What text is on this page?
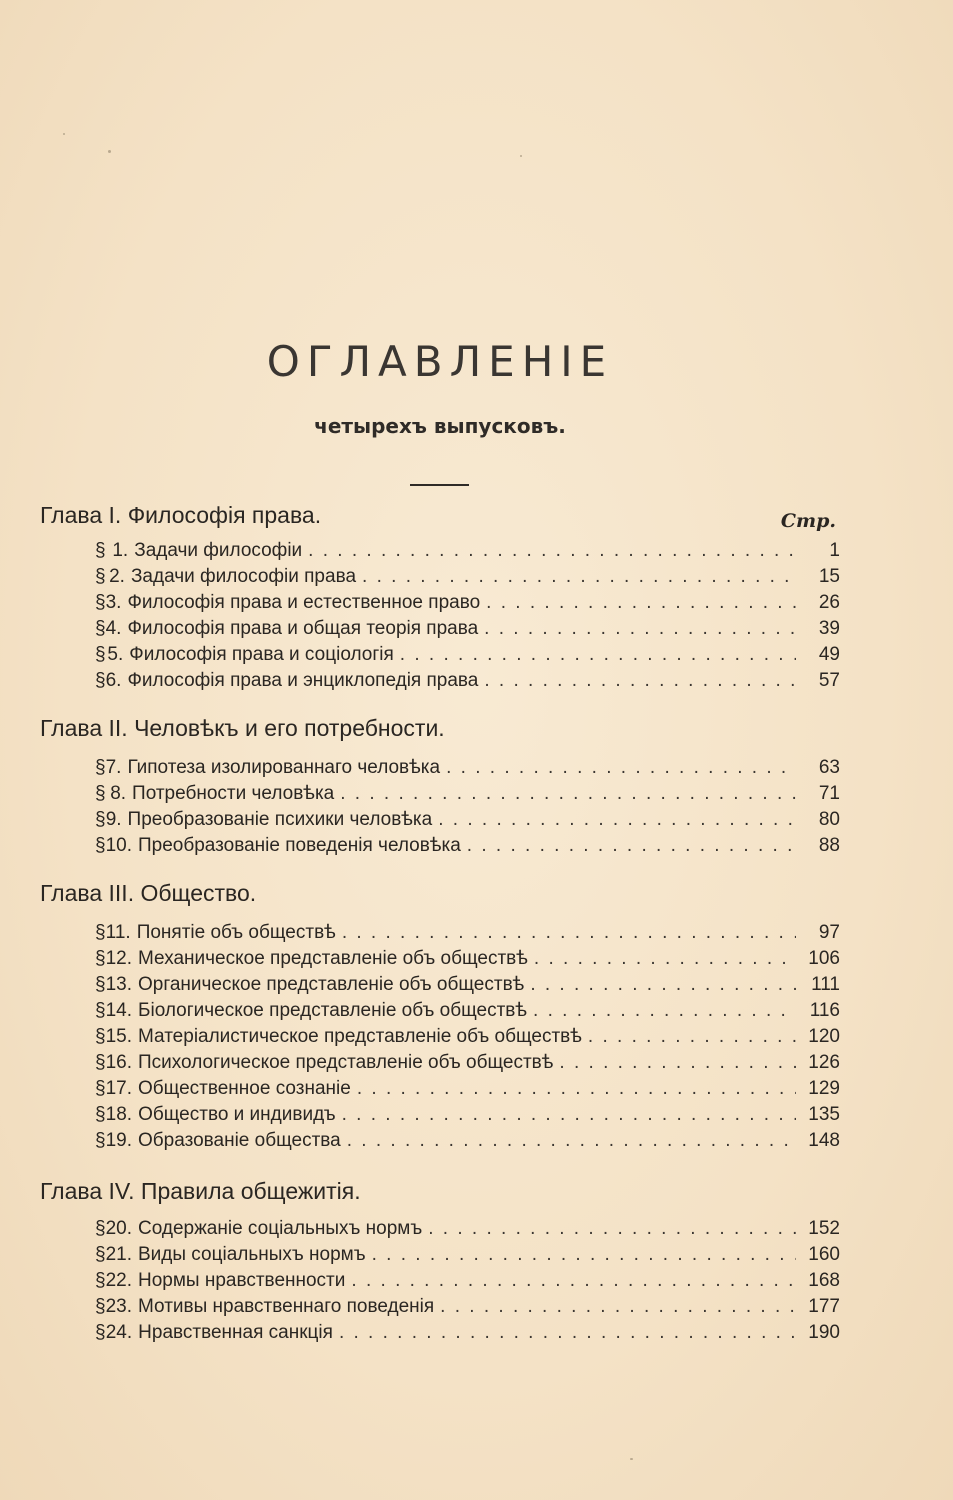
ОГЛАВЛЕНІЕ
четырехъ выпусковъ.
Стр.
Глава I. Философія права.
§ 1. Задачи философіи . . .	1
§ 2. Задачи философіи права . . .	15
§ 3. Философія права и естественное право . . .	26
§ 4. Философія права и общая теорія права . . .	39
§ 5. Философія права и соціологія . . .	49
§ 6. Философія права и энциклопедія права . . .	57
Глава II. Человѣкъ и его потребности.
§ 7. Гипотеза изолированнаго человѣка . . .	63
§ 8. Потребности человѣка . . .	71
§ 9. Преобразованіе психики человѣка . . .	80
§ 10. Преобразованіе поведенія человѣка . . .	88
Глава III. Общество.
§ 11. Понятіе объ обществѣ . . .	97
§ 12. Механическое представленіе объ обществѣ . . .	106
§ 13. Органическое представленіе объ обществѣ . . .	111
§ 14. Біологическое представленіе объ обществѣ . . .	116
§ 15. Матеріалистическое представленіе объ обществѣ . . .	120
§ 16. Психологическое представленіе объ обществѣ . . .	126
§ 17. Общественное сознаніе . . .	129
§ 18. Общество и индивидъ . . .	135
§ 19. Образованіе общества . . .	148
Глава IV. Правила общежитія.
§ 20. Содержаніе соціальныхъ нормъ . . .	152
§ 21. Виды соціальныхъ нормъ . . .	160
§ 22. Нормы нравственности . . .	168
§ 23. Мотивы нравственнаго поведенія . . .	177
§ 24. Нравственная санкція . . .	190
